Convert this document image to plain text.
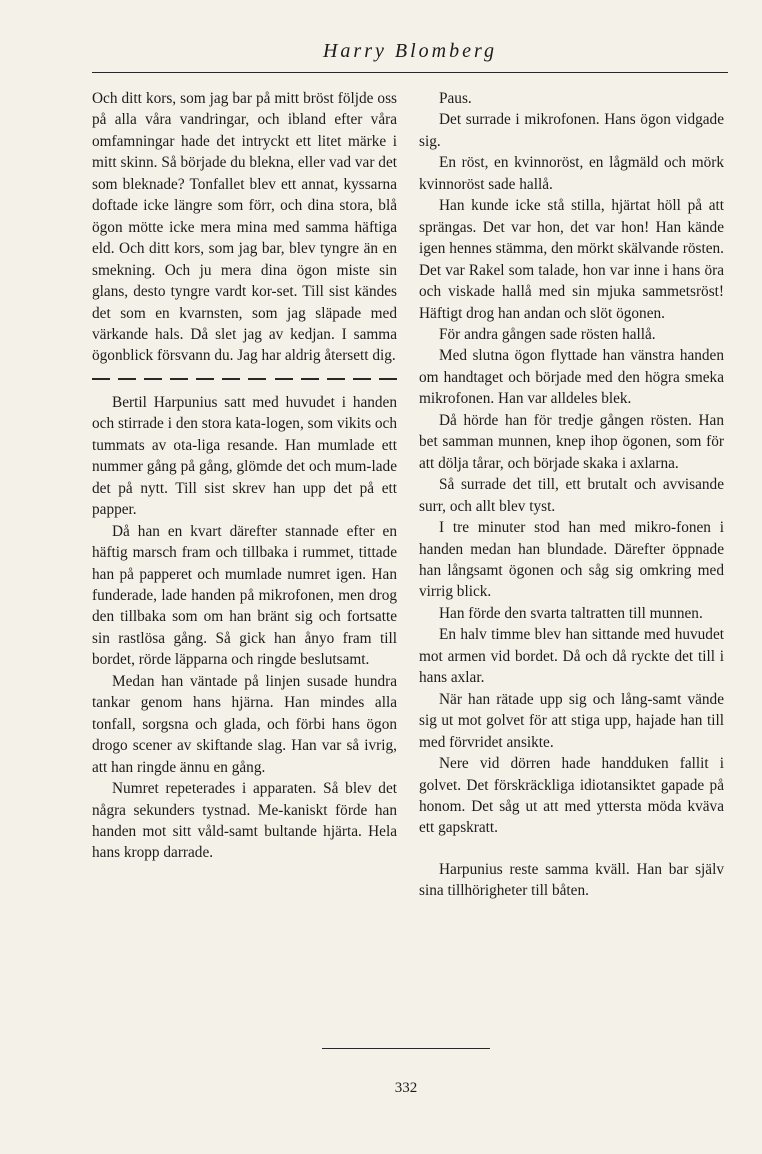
Harry Blomberg

Och ditt kors, som jag bar på mitt bröst följde oss på alla våra vandringar, och ibland efter våra omfamningar hade det intryckt ett litet märke i mitt skinn. Så började du blekna, eller vad var det som bleknade? Tonfallet blev ett annat, kyssarna doftade icke längre som förr, och dina stora, blå ögon mötte icke mera mina med samma häftiga eld. Och ditt kors, som jag bar, blev tyngre än en smekning. Och ju mera dina ögon miste sin glans, desto tyngre vardt kor-set. Till sist kändes det som en kvarnsten, som jag släpade med värkande hals. Då slet jag av kedjan. I samma ögonblick försvann du. Jag har aldrig återsett dig.

Bertil Harpunius satt med huvudet i handen och stirrade i den stora kata-logen, som vikits och tummats av ota-liga resande. Han mumlade ett nummer gång på gång, glömde det och mum-lade det på nytt. Till sist skrev han upp det på ett papper.

Då han en kvart därefter stannade efter en häftig marsch fram och tillbaka i rummet, tittade han på papperet och mumlade numret igen. Han funderade, lade handen på mikrofonen, men drog den tillbaka som om han bränt sig och fortsatte sin rastlösa gång. Så gick han ånyo fram till bordet, rörde läpparna och ringde beslutsamt.

Medan han väntade på linjen susade hundra tankar genom hans hjärna. Han mindes alla tonfall, sorgsna och glada, och förbi hans ögon drogo scener av skiftande slag. Han var så ivrig, att han ringde ännu en gång.

Numret repeterades i apparaten. Så blev det några sekunders tystnad. Me-kaniskt förde han handen mot sitt våld-samt bultande hjärta. Hela hans kropp darrade.

Paus.

Det surrade i mikrofonen. Hans ögon vidgade sig.

En röst, en kvinnoröst, en lågmäld och mörk kvinnoröst sade hallå.

Han kunde icke stå stilla, hjärtat höll på att sprängas. Det var hon, det var hon! Han kände igen hennes stämma, den mörkt skälvande rösten. Det var Rakel som talade, hon var inne i hans öra och viskade hallå med sin mjuka sammetsröst! Häftigt drog han andan och slöt ögonen.

För andra gången sade rösten hallå.

Med slutna ögon flyttade han vänstra handen om handtaget och började med den högra smeka mikrofonen. Han var alldeles blek.

Då hörde han för tredje gången rösten. Han bet samman munnen, knep ihop ögonen, som för att dölja tårar, och började skaka i axlarna.

Så surrade det till, ett brutalt och avvisande surr, och allt blev tyst.

I tre minuter stod han med mikro-fonen i handen medan han blundade. Därefter öppnade han långsamt ögonen och såg sig omkring med virrig blick.

Han förde den svarta taltratten till munnen.

En halv timme blev han sittande med huvudet mot armen vid bordet. Då och då ryckte det till i hans axlar.

När han rätade upp sig och lång-samt vände sig ut mot golvet för att stiga upp, hajade han till med förvridet ansikte.

Nere vid dörren hade handduken fallit i golvet. Det förskräckliga idiotansiktet gapade på honom. Det såg ut att med yttersta möda kväva ett gapskratt.

Harpunius reste samma kväll. Han bar själv sina tillhörigheter till båten.

332
